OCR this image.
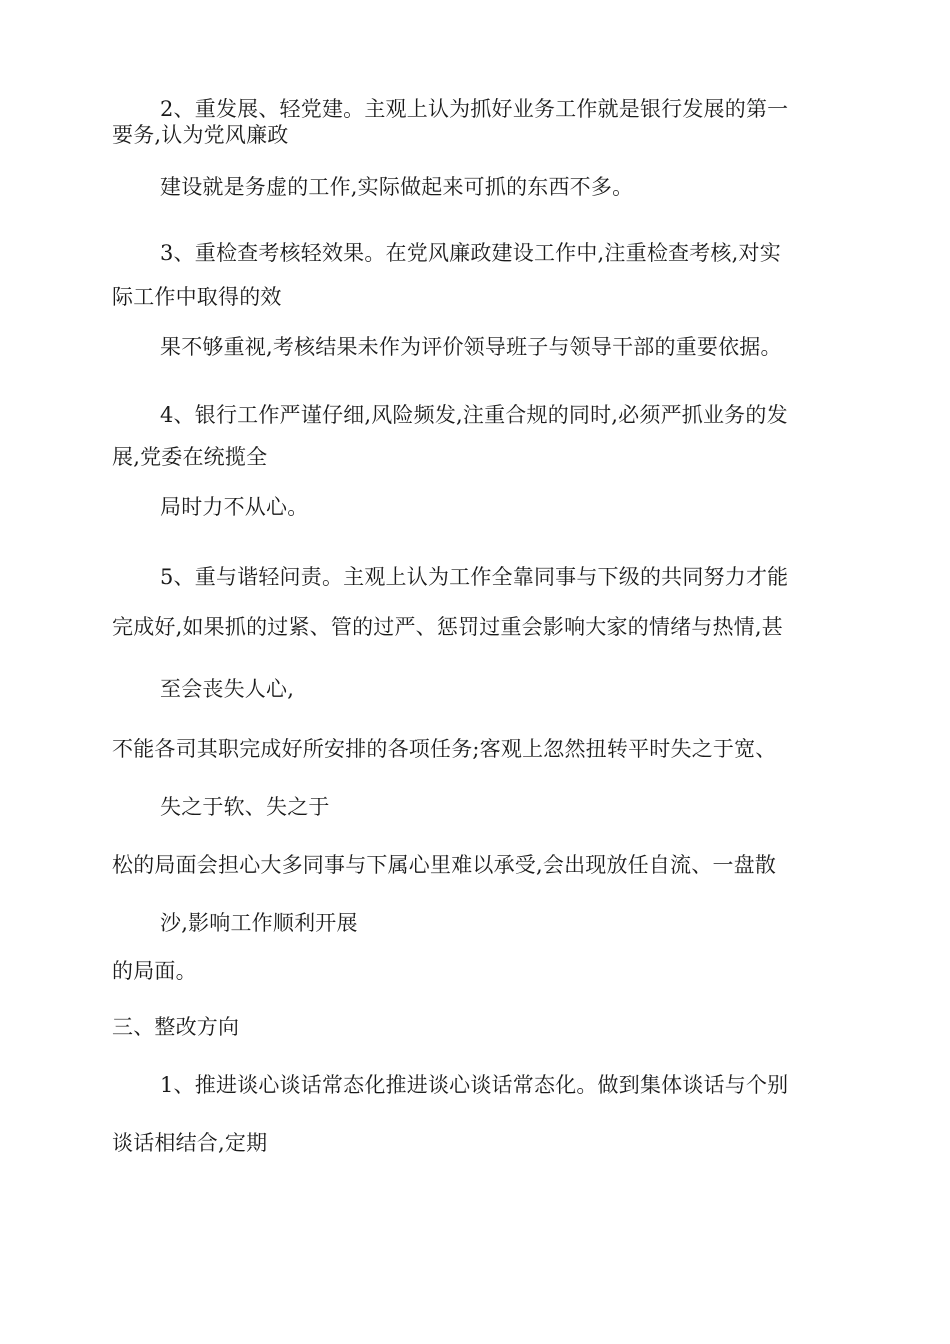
2、重发展、轻党建。主观上认为抓好业务工作就是银行发展的第一
要务,认为党风廉政
建设就是务虚的工作,实际做起来可抓的东西不多。
3、重检查考核轻效果。在党风廉政建设工作中,注重检查考核,对实
际工作中取得的效
果不够重视,考核结果未作为评价领导班子与领导干部的重要依据。
4、银行工作严谨仔细,风险频发,注重合规的同时,必须严抓业务的发
展,党委在统揽全
局时力不从心。
5、重与谐轻问责。主观上认为工作全靠同事与下级的共同努力才能
完成好,如果抓的过紧、管的过严、惩罚过重会影响大家的情绪与热情,甚
至会丧失人心,
不能各司其职完成好所安排的各项任务;客观上忽然扭转平时失之于宽、
失之于软、失之于
松的局面会担心大多同事与下属心里难以承受,会出现放任自流、一盘散
沙,影响工作顺利开展
的局面。
三、整改方向
1、推进谈心谈话常态化推进谈心谈话常态化。做到集体谈话与个别
谈话相结合,定期
